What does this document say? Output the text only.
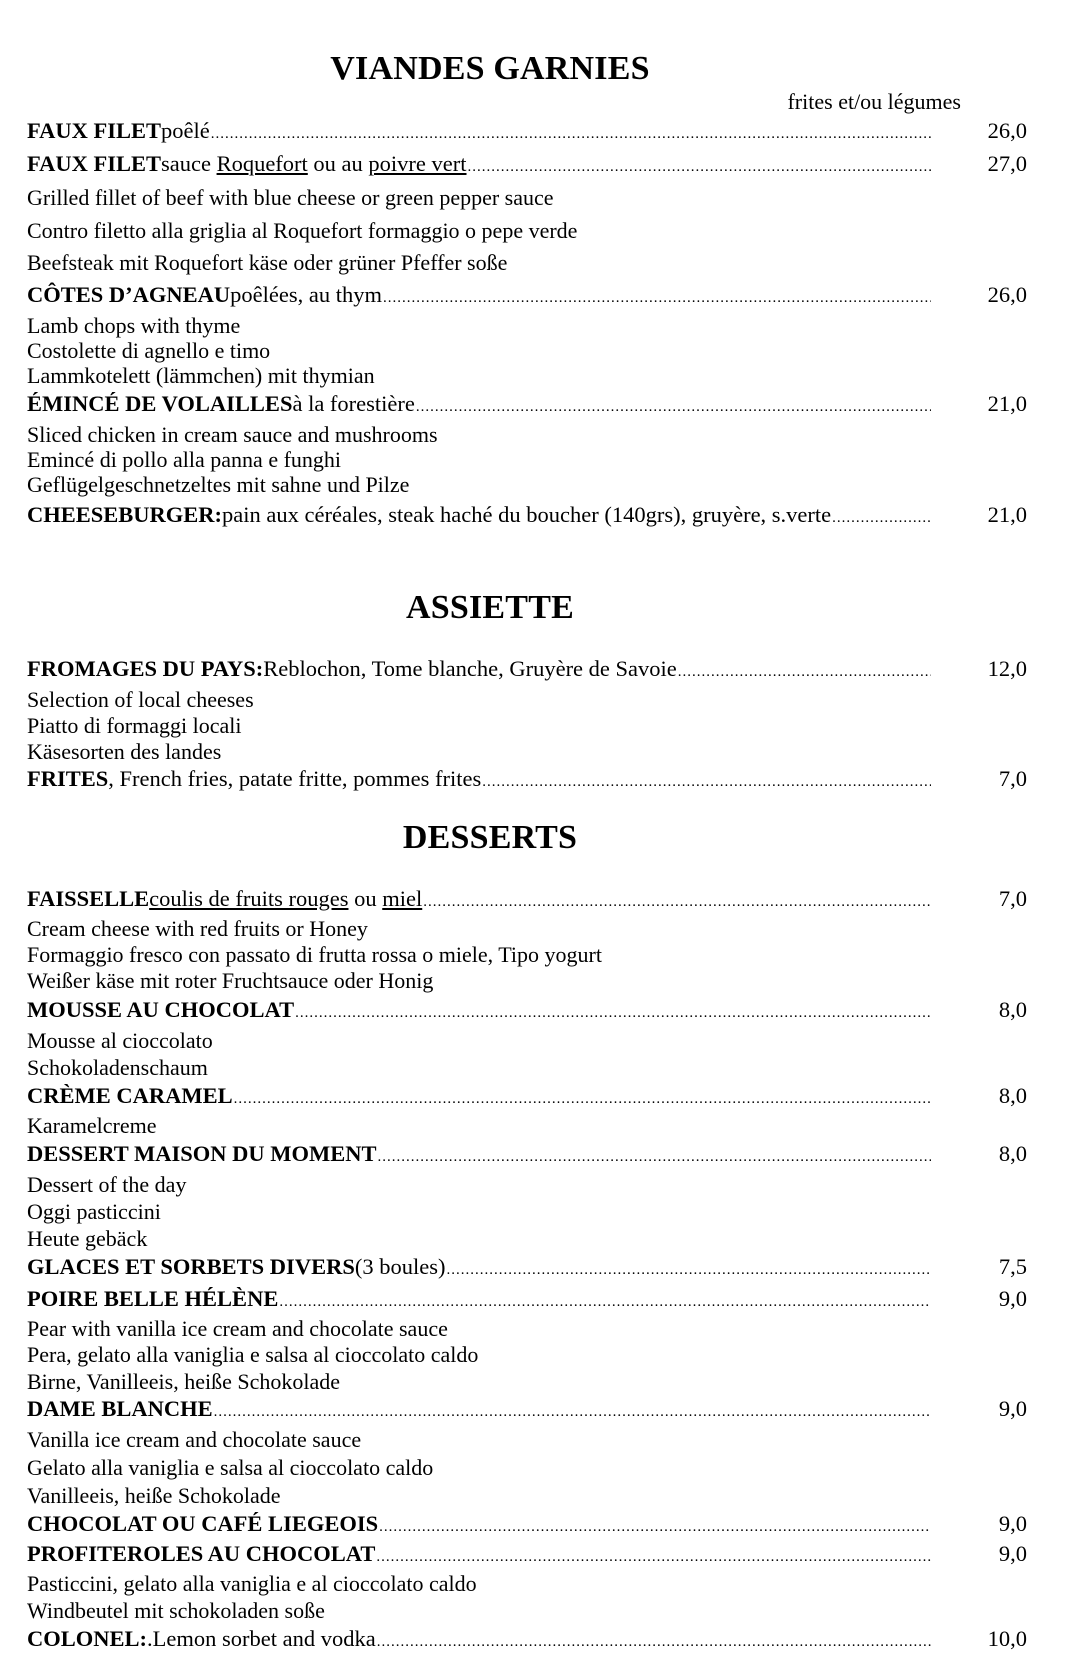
VIANDES GARNIES
frites et/ou légumes
FAUX FILET poêlé .....	26,0
FAUX FILET sauce Roquefort ou au poivre vert .....	27,0
Grilled fillet of beef with blue cheese or green pepper sauce
Contro filetto alla griglia al Roquefort formaggio o pepe verde
Beefsteak mit Roquefort käse oder grüner Pfeffer soße
CÔTES D’AGNEAU poêlées, au thym .....	26,0
Lamb chops with thyme
Costolette di agnello e timo
Lammkotelett (lämmchen) mit thymian
ÉMINCÉ DE VOLAILLES à la forestière .....	21,0
Sliced chicken in cream sauce and mushrooms
Emincé di pollo alla panna e funghi
Geflügelgeschnetzeltes mit sahne und Pilze
CHEESEBURGER: pain aux céréales, steak haché du boucher (140grs), gruyère, s.verte .....	21,0
ASSIETTE
FROMAGES DU PAYS: Reblochon, Tome blanche, Gruyère de Savoie .....	12,0
Selection of local cheeses
Piatto di formaggi locali
Käsesorten des landes
FRITES , French fries, patate fritte, pommes frites .....	7,0
DESSERTS
FAISSELLE coulis de fruits rouges ou miel .....	7,0
Cream cheese with red fruits or Honey
Formaggio fresco con passato di frutta rossa o miele, Tipo yogurt
Weißer käse mit roter Fruchtsauce oder Honig
MOUSSE AU CHOCOLAT .....	8,0
Mousse al cioccolato
Schokoladenschaum
CRÈME CARAMEL .....	8,0
Karamelcreme
DESSERT MAISON DU MOMENT .....	8,0
Dessert of the day
Oggi pasticcini
Heute gebäck
GLACES ET SORBETS DIVERS (3 boules) .....	7,5
POIRE BELLE HÉLÈNE .....	9,0
Pear with vanilla ice cream and chocolate sauce
Pera, gelato alla vaniglia e salsa al cioccolato caldo
Birne, Vanilleeis, heiße Schokolade
DAME BLANCHE .....	9,0
Vanilla ice cream and chocolate sauce
Gelato alla vaniglia e salsa al cioccolato caldo
Vanilleeis, heiße Schokolade
CHOCOLAT OU CAFÉ LIEGEOIS .....	9,0
PROFITEROLES AU CHOCOLAT .....	9,0
Pasticcini, gelato alla vaniglia e al cioccolato caldo
Windbeutel mit schokoladen soße
COLONEL: .Lemon sorbet and vodka .....	10,0
